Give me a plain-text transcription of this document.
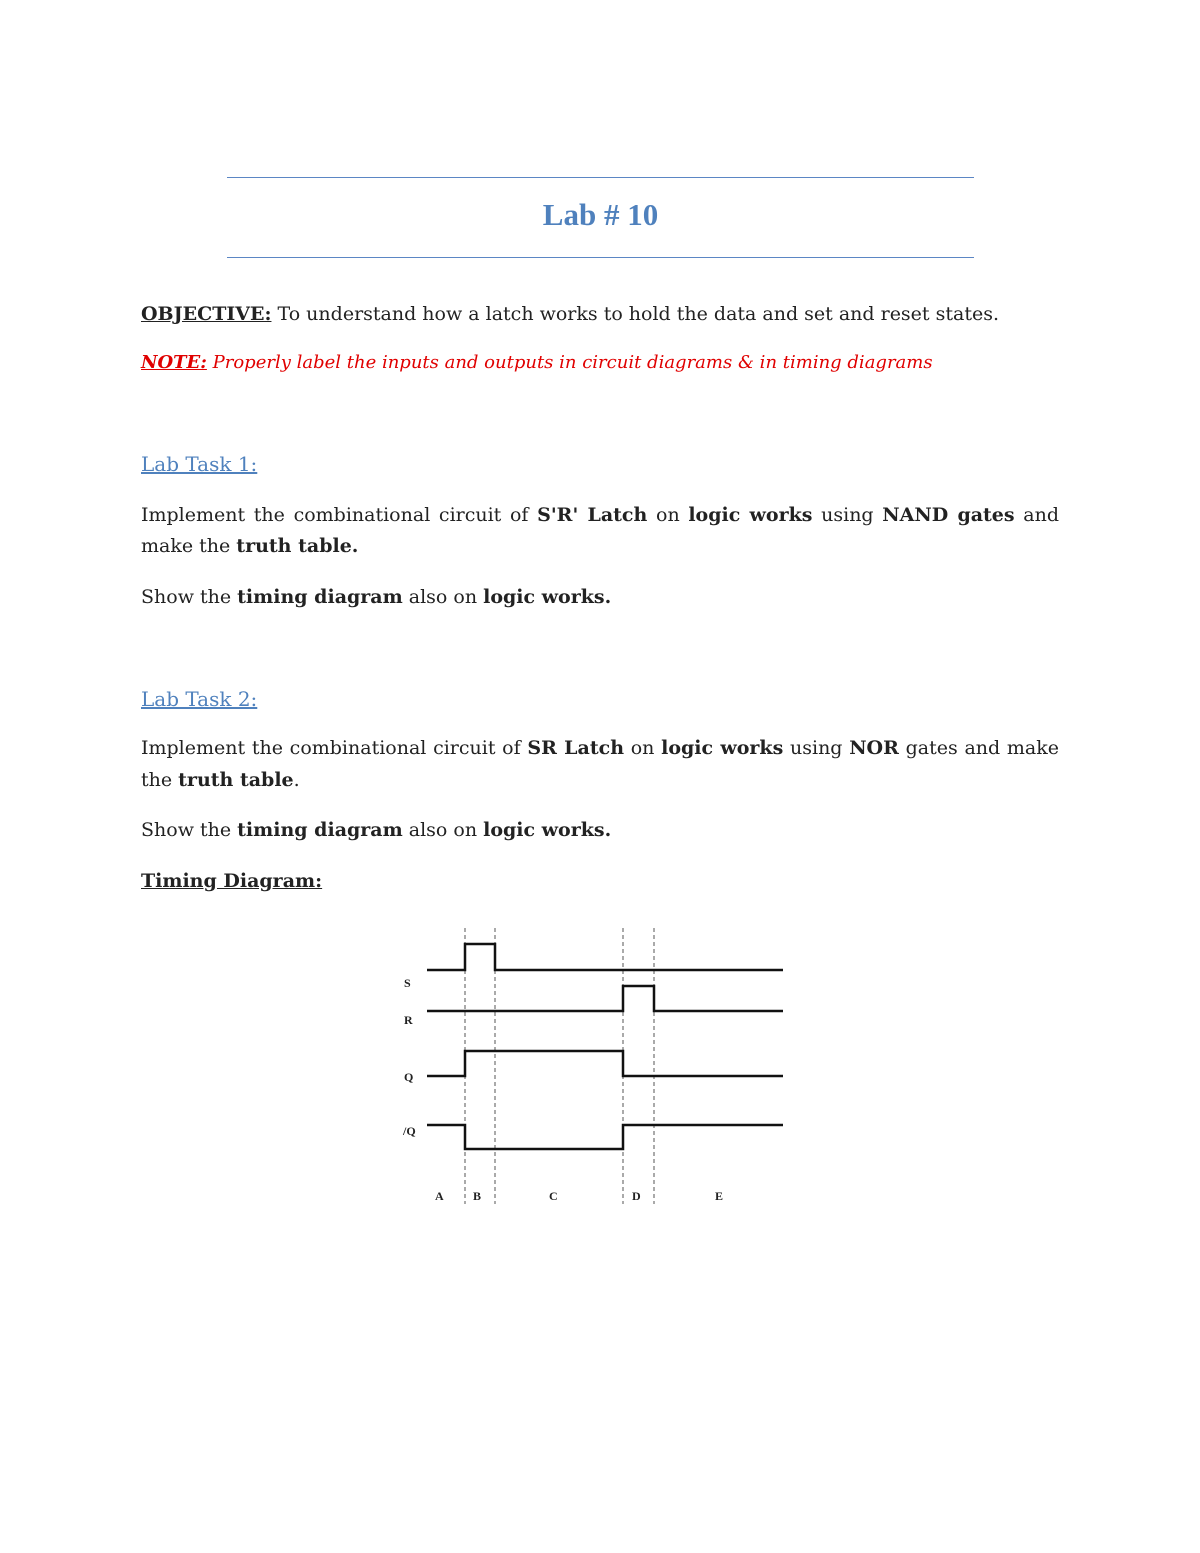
Lab # 10
OBJECTIVE: To understand how a latch works to hold the data and set and reset states.
NOTE: Properly label the inputs and outputs in circuit diagrams & in timing diagrams
Lab Task 1:
Implement the combinational circuit of S'R' Latch on logic works using NAND gates and
make the truth table.
Show the timing diagram also on logic works.
Lab Task 2:
Implement the combinational circuit of SR Latch on logic works using NOR gates and make
the truth table.
Show the timing diagram also on logic works.
Timing Diagram:
S
R
Q
/Q
A B	C	D	E
